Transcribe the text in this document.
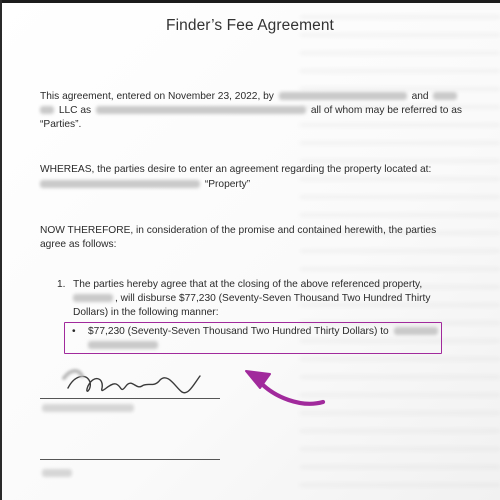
Finder’s Fee Agreement
This agreement, entered on November 23, 2022, by	and
LLC as	all of whom may be referred to as
“Parties”.
WHEREAS, the parties desire to enter an agreement regarding the property located at:
“Property”
NOW THEREFORE, in consideration of the promise and contained herewith, the parties
agree as follows:
1. The parties hereby agree that at the closing of the above referenced property,
, will disburse $77,230 (Seventy-Seven Thousand Two Hundred Thirty
Dollars) in the following manner:
• $77,230 (Seventy-Seven Thousand Two Hundred Thirty Dollars) to
